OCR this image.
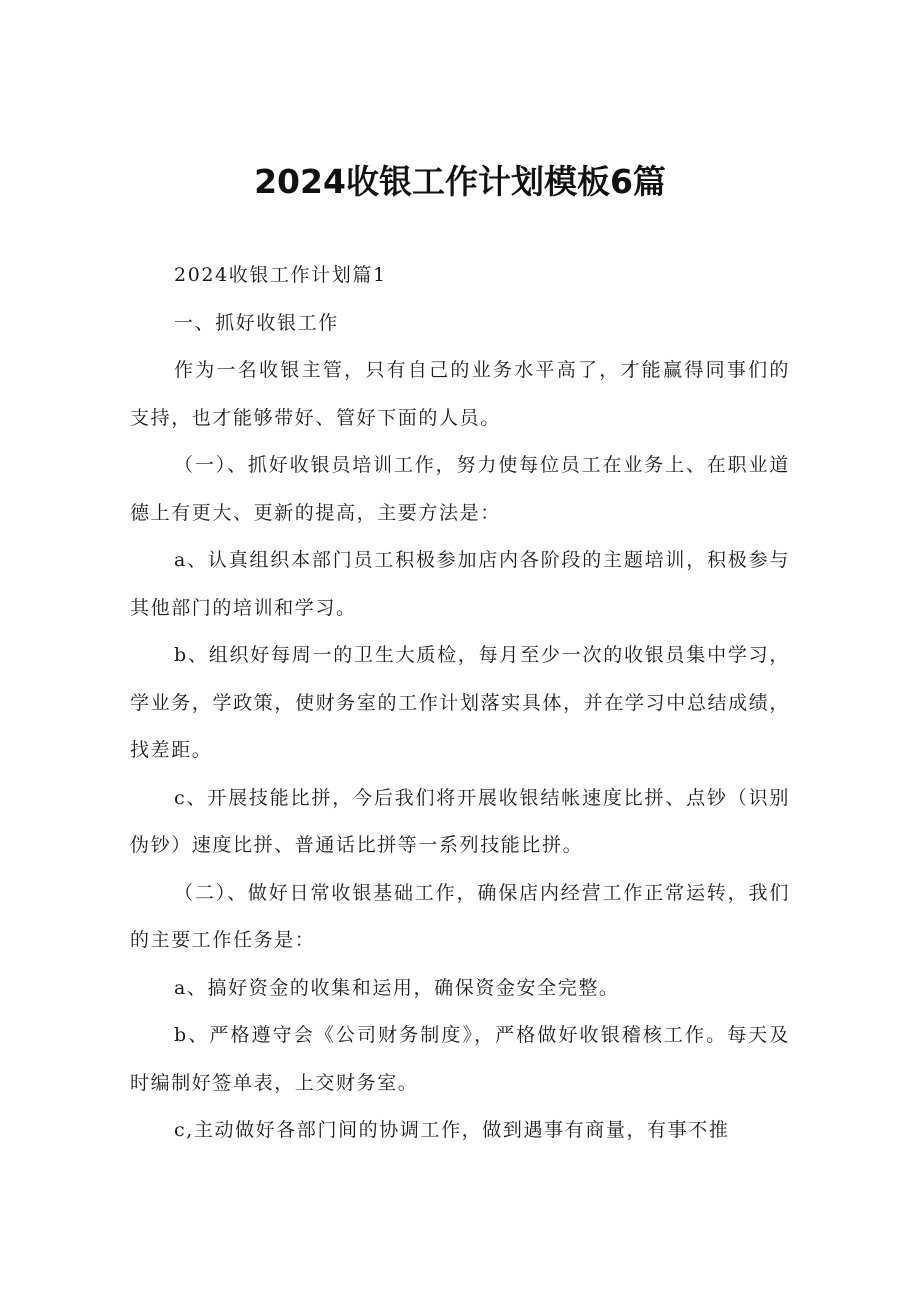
2024收银工作计划模板6篇

2024收银工作计划篇1

一、抓好收银工作

作为一名收银主管，只有自己的业务水平高了，才能赢得同事们的支持，也才能够带好、管好下面的人员。

（一）、抓好收银员培训工作，努力使每位员工在业务上、在职业道德上有更大、更新的提高，主要方法是：

a、认真组织本部门员工积极参加店内各阶段的主题培训，积极参与其他部门的培训和学习。

b、组织好每周一的卫生大质检，每月至少一次的收银员集中学习，学业务，学政策，使财务室的工作计划落实具体，并在学习中总结成绩，找差距。

c、开展技能比拼，今后我们将开展收银结帐速度比拼、点钞（识别伪钞）速度比拼、普通话比拼等一系列技能比拼。

（二）、做好日常收银基础工作，确保店内经营工作正常运转，我们的主要工作任务是：

a、搞好资金的收集和运用，确保资金安全完整。

b、严格遵守会《公司财务制度》，严格做好收银稽核工作。每天及时编制好签单表，上交财务室。

c,主动做好各部门间的协调工作，做到遇事有商量，有事不推
